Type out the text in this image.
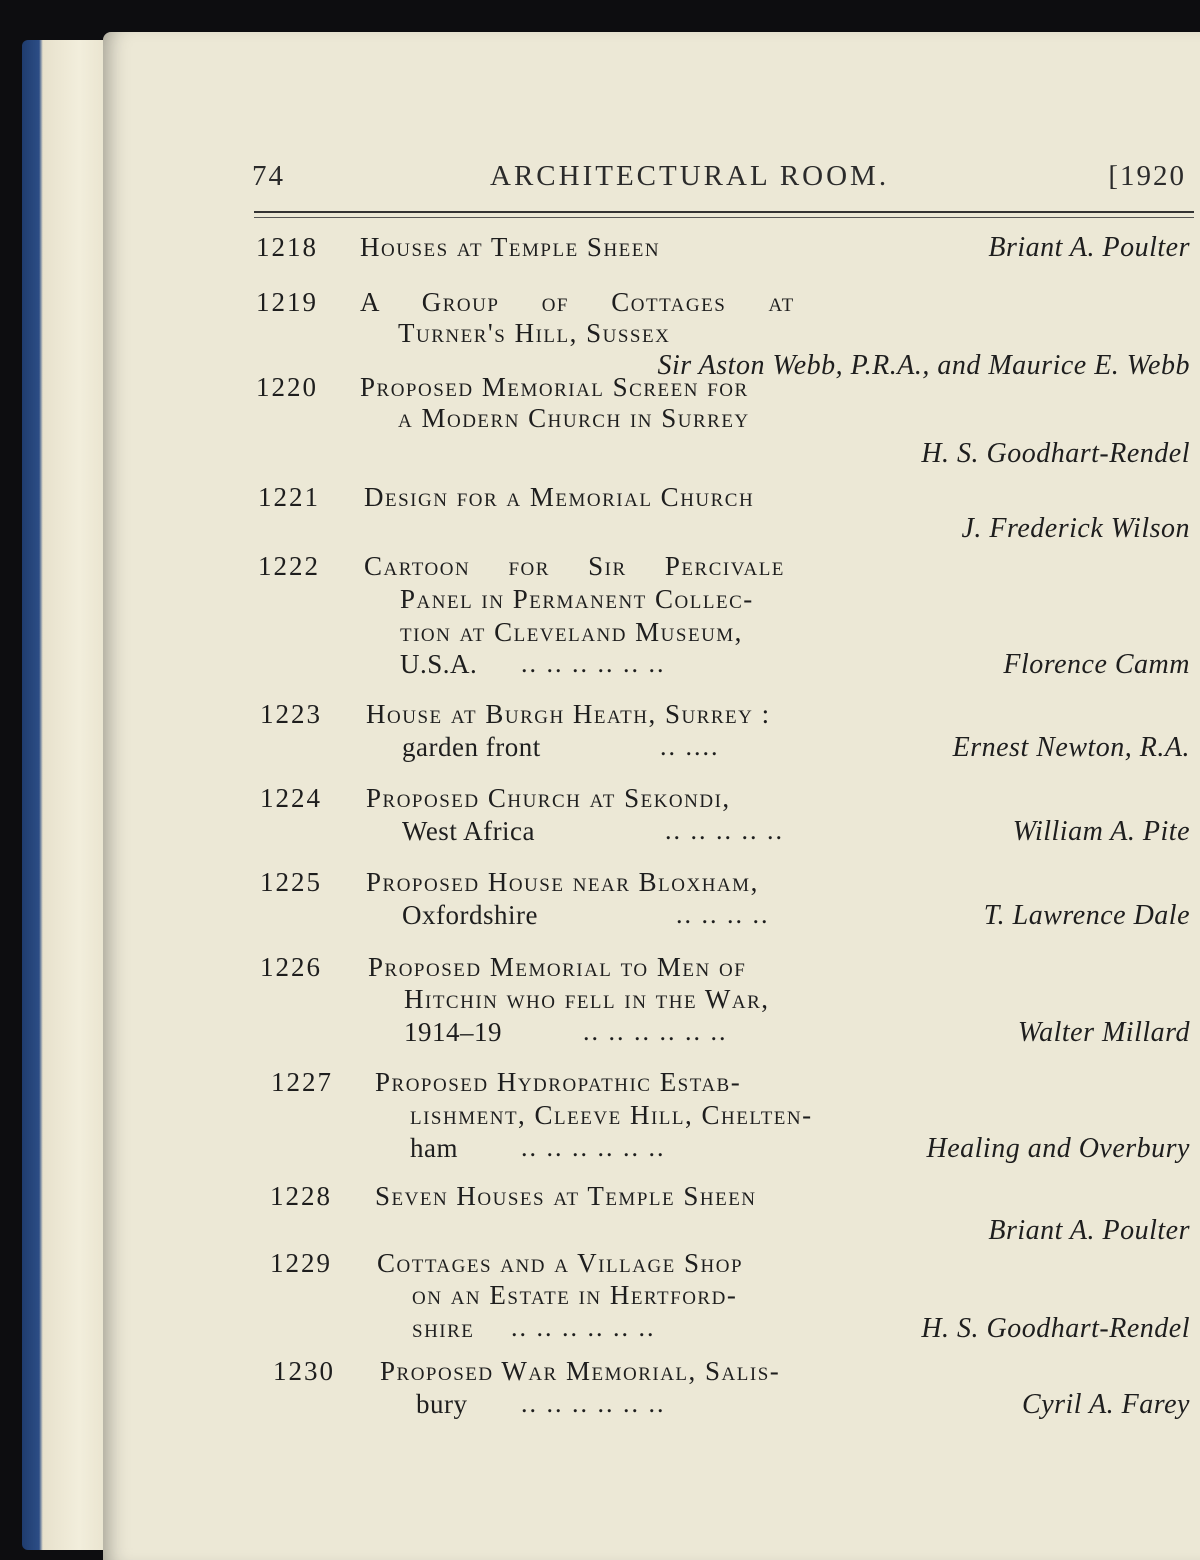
74	ARCHITECTURAL ROOM.	[1920
1218 Houses at Temple Sheen	Briant A. Poulter
1219 A Group of Cottages at
Turner's Hill, Sussex
Sir Aston Webb, P.R.A., and Maurice E. Webb
1220 Proposed Memorial Screen for
a Modern Church in Surrey
H. S. Goodhart-Rendel
1221 Design for a Memorial Church
J. Frederick Wilson
1222 Cartoon for Sir Percivale
Panel in Permanent Collec-
tion at Cleveland Museum,
U.S.A. .. .. .. .. .. ..	Florence Camm
1223 House at Burgh Heath, Surrey :
garden front	.. ....	Ernest Newton, R.A.
1224 Proposed Church at Sekondi,
West Africa	.. .. .. .. ..	William A. Pite
1225 Proposed House near Bloxham,
Oxfordshire	.. .. .. ..	T. Lawrence Dale
1226 Proposed Memorial to Men of
Hitchin who fell in the War,
1914–19	.. .. .. .. .. ..	Walter Millard
1227 Proposed Hydropathic Estab-
lishment, Cleeve Hill, Chelten-
ham .. .. .. .. .. ..	Healing and Overbury
1228 Seven Houses at Temple Sheen
Briant A. Poulter
1229 Cottages and a Village Shop
on an Estate in Hertford-
shire .. .. .. .. .. ..	H. S. Goodhart-Rendel
1230 Proposed War Memorial, Salis-
bury .. .. .. .. .. ..	Cyril A. Farey
